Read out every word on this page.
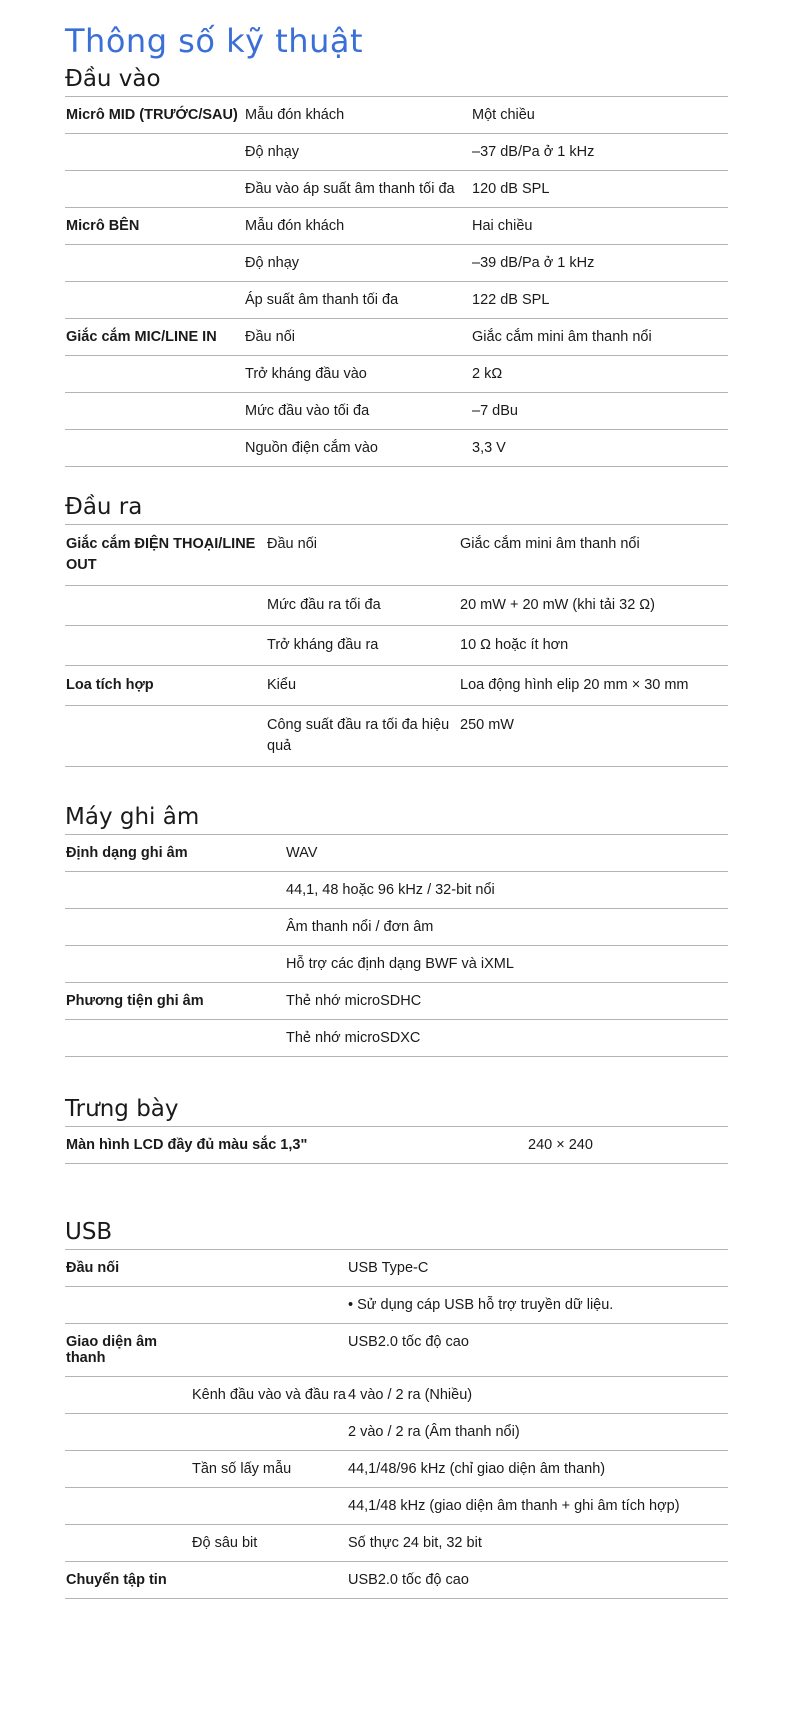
Thông số kỹ thuật
Đầu vào
Micrô MID (TRƯỚC/SAU)	Mẫu đón khách	Một chiều
	Độ nhạy	–37 dB/Pa ở 1 kHz
	Đầu vào áp suất âm thanh tối đa	120 dB SPL
Micrô BÊN	Mẫu đón khách	Hai chiều
	Độ nhạy	–39 dB/Pa ở 1 kHz
	Áp suất âm thanh tối đa	122 dB SPL
Giắc cắm MIC/LINE IN	Đầu nối	Giắc cắm mini âm thanh nổi
	Trở kháng đầu vào	2 kΩ
	Mức đầu vào tối đa	–7 dBu
	Nguồn điện cắm vào	3,3 V
Đầu ra
Giắc cắm ĐIỆN THOẠI/LINE OUT	Đầu nối	Giắc cắm mini âm thanh nổi
	Mức đầu ra tối đa	20 mW + 20 mW (khi tải 32 Ω)
	Trở kháng đầu ra	10 Ω hoặc ít hơn
Loa tích hợp	Kiểu	Loa động hình elip 20 mm × 30 mm
	Công suất đầu ra tối đa hiệu quả	250 mW
Máy ghi âm
Định dạng ghi âm	WAV
	44,1, 48 hoặc 96 kHz / 32-bit nổi
	Âm thanh nổi / đơn âm
	Hỗ trợ các định dạng BWF và iXML
Phương tiện ghi âm	Thẻ nhớ microSDHC
	Thẻ nhớ microSDXC
Trưng bày
Màn hình LCD đầy đủ màu sắc 1,3"	240 × 240
USB
Đầu nối		USB Type-C
		• Sử dụng cáp USB hỗ trợ truyền dữ liệu.
Giao diện âm thanh		USB2.0 tốc độ cao
	Kênh đầu vào và đầu ra	4 vào / 2 ra (Nhiều)
		2 vào / 2 ra (Âm thanh nổi)
	Tần số lấy mẫu	44,1/48/96 kHz (chỉ giao diện âm thanh)
		44,1/48 kHz (giao diện âm thanh + ghi âm tích hợp)
	Độ sâu bit	Số thực 24 bit, 32 bit
Chuyển tập tin		USB2.0 tốc độ cao
